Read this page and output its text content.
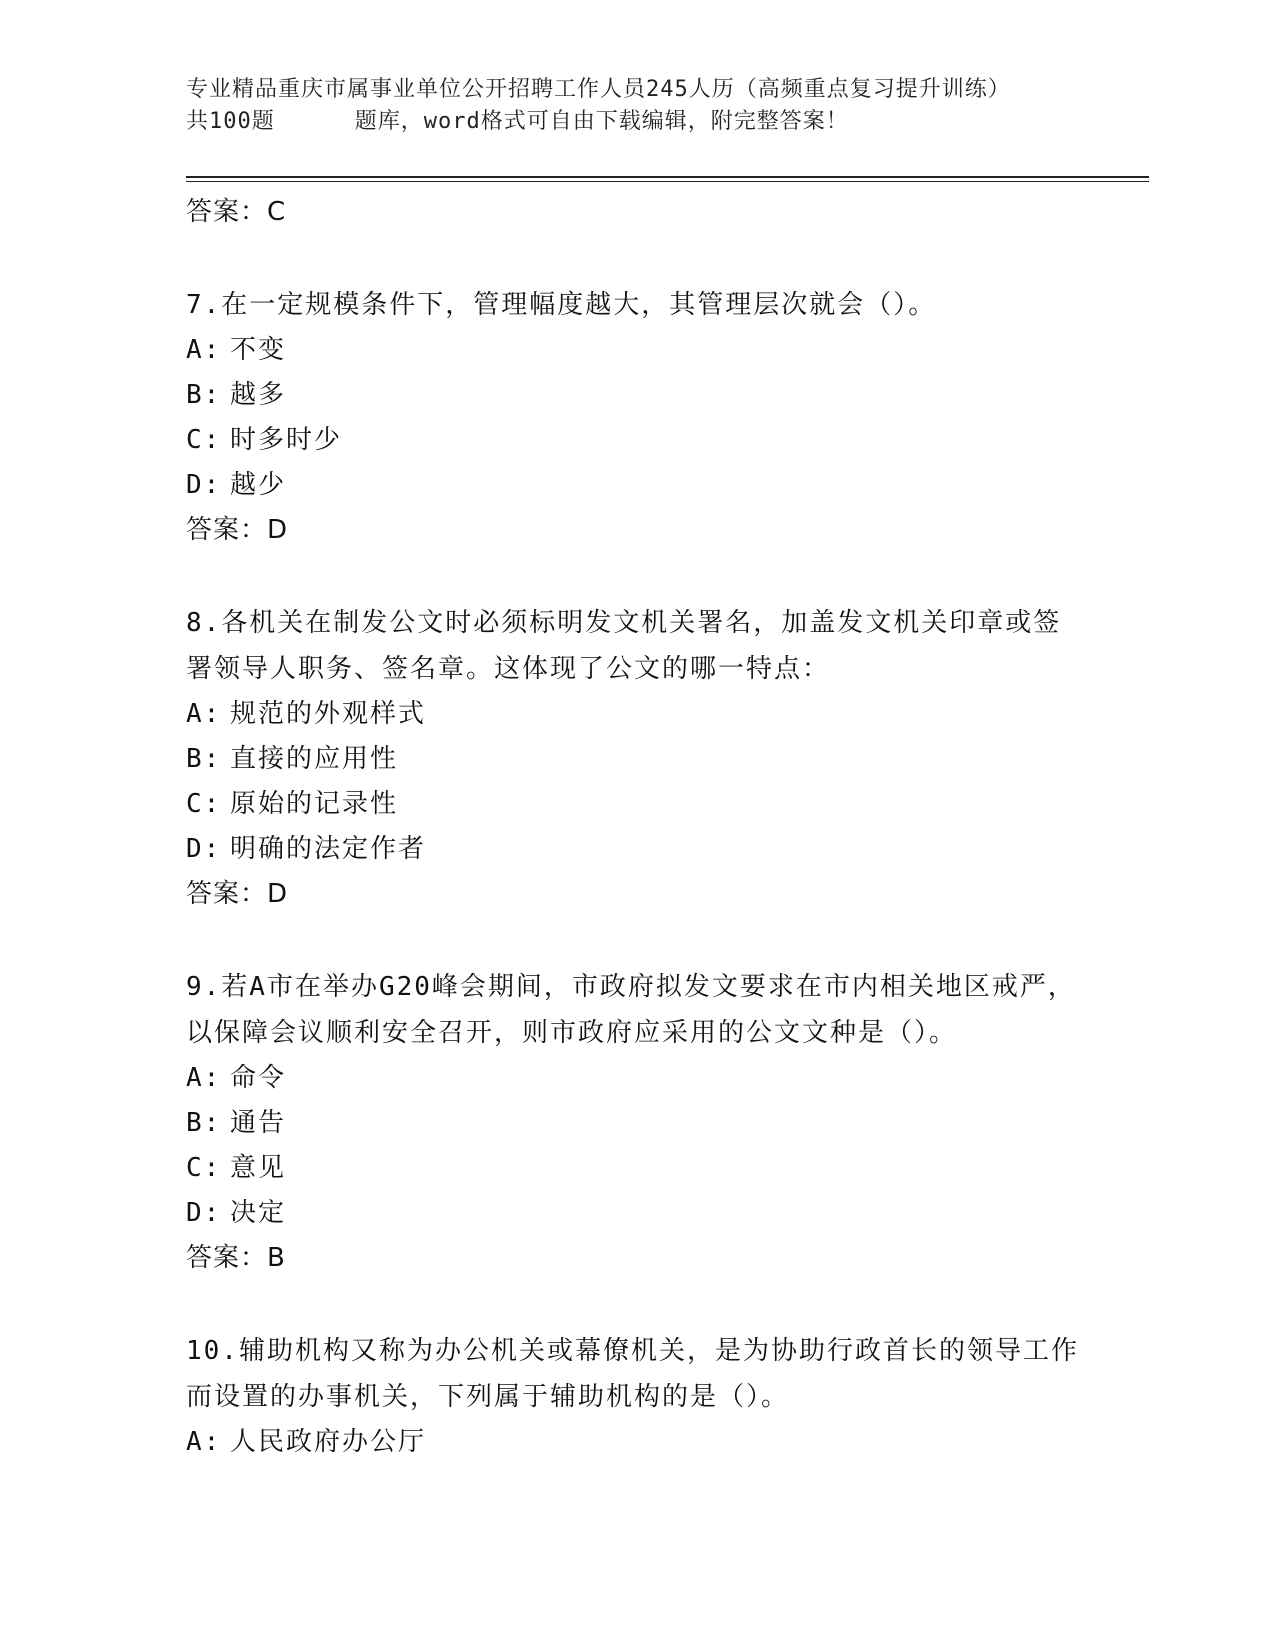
专业精品重庆市属事业单位公开招聘工作人员245人历（高频重点复习提升训练）
共100题	题库，word格式可自由下载编辑，附完整答案！
答案：C
7.在一定规模条件下，管理幅度越大，其管理层次就会（）。
A: 不变
B: 越多
C: 时多时少
D: 越少
答案：D
8.各机关在制发公文时必须标明发文机关署名，加盖发文机关印章或签署领导人职务、签名章。这体现了公文的哪一特点：
A: 规范的外观样式
B: 直接的应用性
C: 原始的记录性
D: 明确的法定作者
答案：D
9.若A市在举办G20峰会期间，市政府拟发文要求在市内相关地区戒严，以保障会议顺利安全召开，则市政府应采用的公文文种是（）。
A: 命令
B: 通告
C: 意见
D: 决定
答案：B
10.辅助机构又称为办公机关或幕僚机关，是为协助行政首长的领导工作而设置的办事机关，下列属于辅助机构的是（）。
A: 人民政府办公厅
